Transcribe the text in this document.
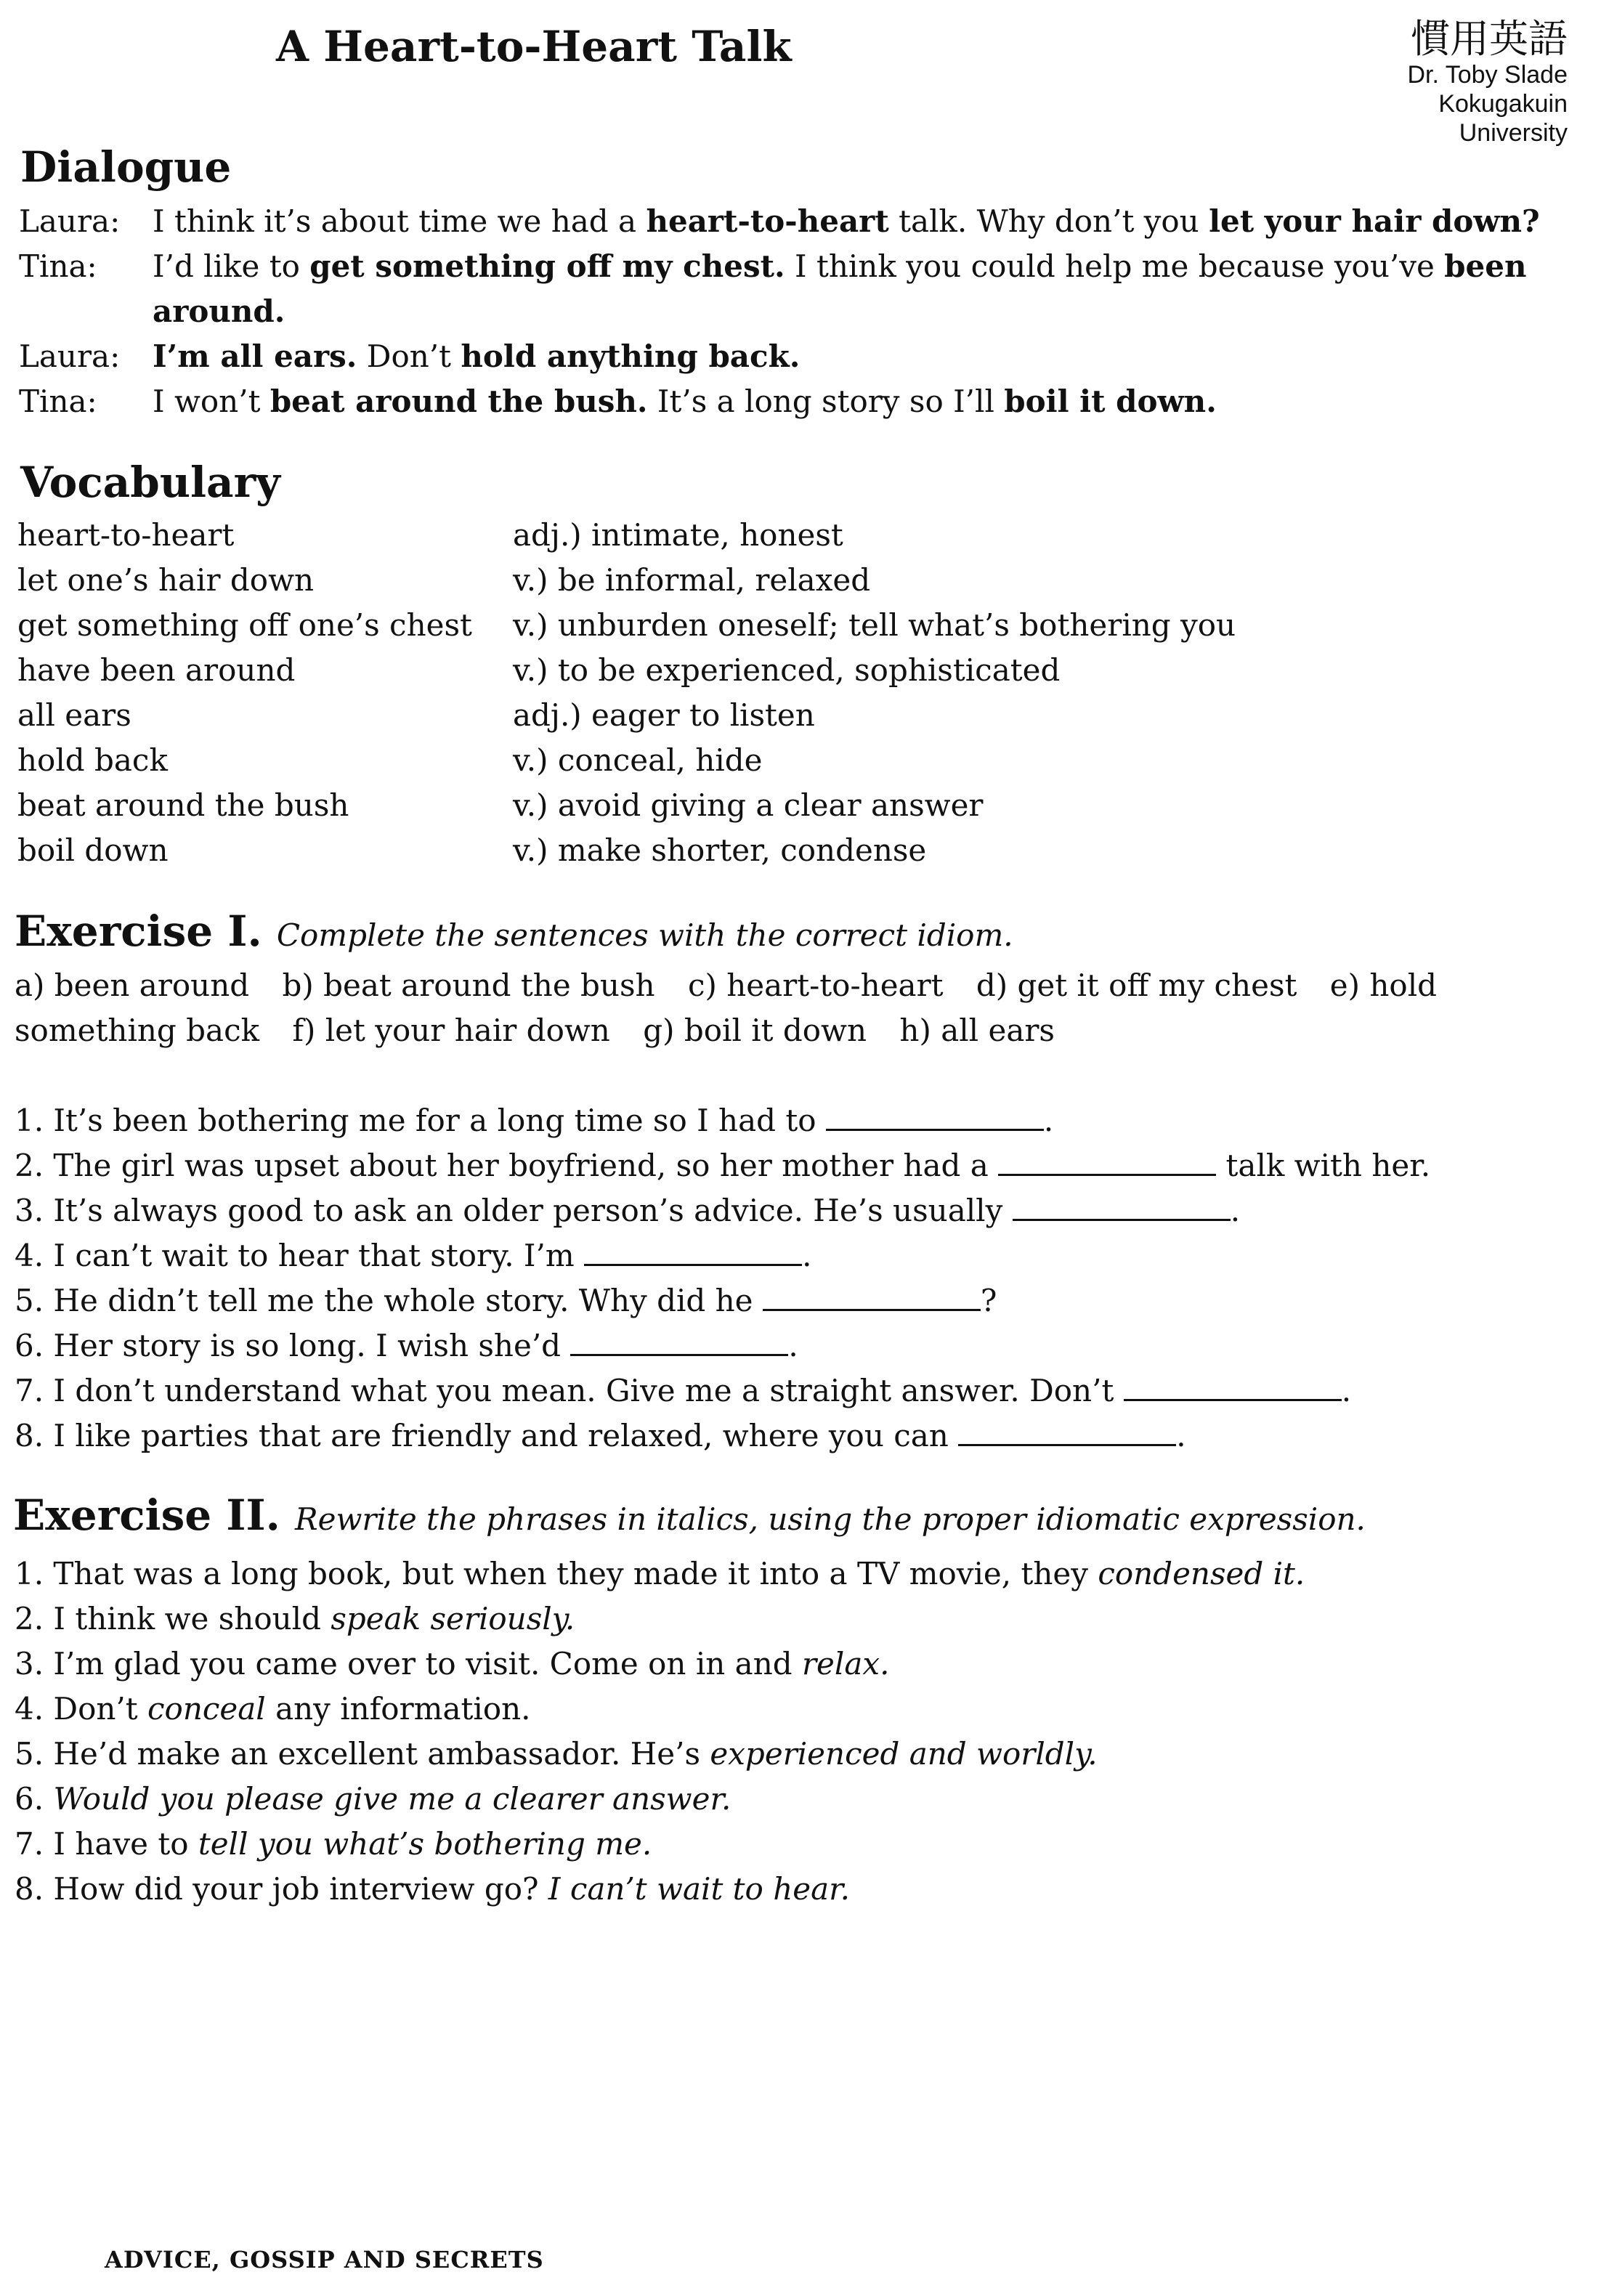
A Heart-to-Heart Talk	慣用英語
Dr. Toby Slade
Kokugakuin
University
Dialogue
Laura: I think it’s about time we had a heart-to-heart talk. Why don’t you let your hair down?
Tina: I’d like to get something off my chest. I think you could help me because you’ve been around.
Laura: I’m all ears. Don’t hold anything back.
Tina: I won’t beat around the bush. It’s a long story so I’ll boil it down.
Vocabulary
heart-to-heart	adj.) intimate, honest
let one’s hair down	v.) be informal, relaxed
get something off one’s chest v.) unburden oneself; tell what’s bothering you
have been around	v.) to be experienced, sophisticated
all ears	adj.) eager to listen
hold back	v.) conceal, hide
beat around the bush	v.) avoid giving a clear answer
boil down	v.) make shorter, condense
Exercise I. Complete the sentences with the correct idiom.
a) been around b) beat around the bush c) heart-to-heart d) get it off my chest e) hold something back f) let your hair down g) boil it down h) all ears
1. It’s been bothering me for a long time so I had to	.
2. The girl was upset about her boyfriend, so her mother had a	talk with her.
3. It’s always good to ask an older person’s advice. He’s usually	.
4. I can’t wait to hear that story. I’m	.
5. He didn’t tell me the whole story. Why did he	?
6. Her story is so long. I wish she’d	.
7. I don’t understand what you mean. Give me a straight answer. Don’t	.
8. I like parties that are friendly and relaxed, where you can	.
Exercise II. Rewrite the phrases in italics, using the proper idiomatic expression.
1. That was a long book, but when they made it into a TV movie, they condensed it.
2. I think we should speak seriously.
3. I’m glad you came over to visit. Come on in and relax.
4. Don’t conceal any information.
5. He’d make an excellent ambassador. He’s experienced and worldly.
6. Would you please give me a clearer answer.
7. I have to tell you what’s bothering me.
8. How did your job interview go? I can’t wait to hear.
ADVICE, GOSSIP AND SECRETS
